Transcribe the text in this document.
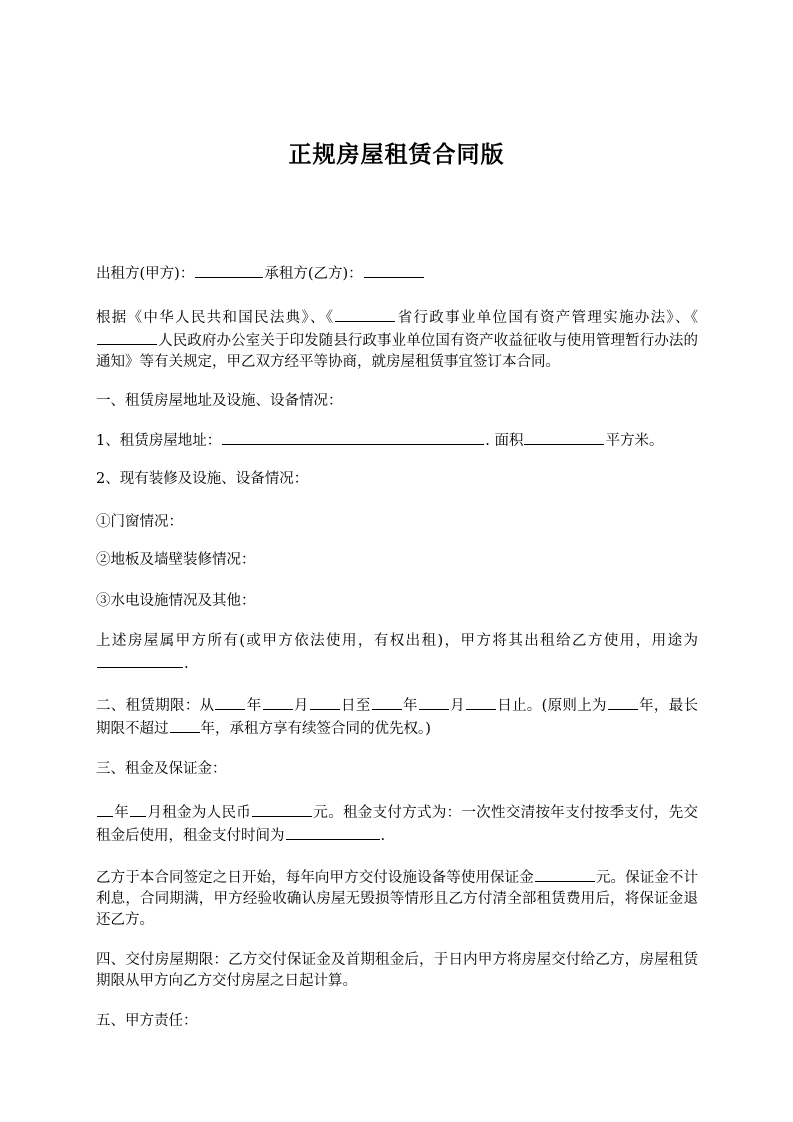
正规房屋租赁合同版

出租方(甲方)：	承租方(乙方)：

根据《中华人民共和国民法典》、《	省行政事业单位国有资产管理实施办法》、《人民政府办公室关于印发随县行政事业单位国有资产收益征收与使用管理暂行办法的通知》等有关规定，甲乙双方经平等协商，就房屋租赁事宜签订本合同。

一、租赁房屋地址及设施、设备情况：

1、租赁房屋地址：	. 面积	平方米。

2、现有装修及设施、设备情况：

①门窗情况：

②地板及墙壁装修情况：

③水电设施情况及其他：

上述房屋属甲方所有(或甲方依法使用，有权出租)，甲方将其出租给乙方使用，用途为.

二、租赁期限：从 年 月 日至 年 月 日止。(原则上为 年，最长期限不超过 年，承租方享有续签合同的优先权。)

三、租金及保证金：

年 月租金为人民币	元。租金支付方式为：一次性交清按年支付按季支付，先交租金后使用，租金支付时间为	.

乙方于本合同签定之日开始，每年向甲方交付设施设备等使用保证金	元。保证金不计利息，合同期满，甲方经验收确认房屋无毁损等情形且乙方付清全部租赁费用后，将保证金退还乙方。

四、交付房屋期限：乙方交付保证金及首期租金后，于日内甲方将房屋交付给乙方，房屋租赁期限从甲方向乙方交付房屋之日起计算。

五、甲方责任：
